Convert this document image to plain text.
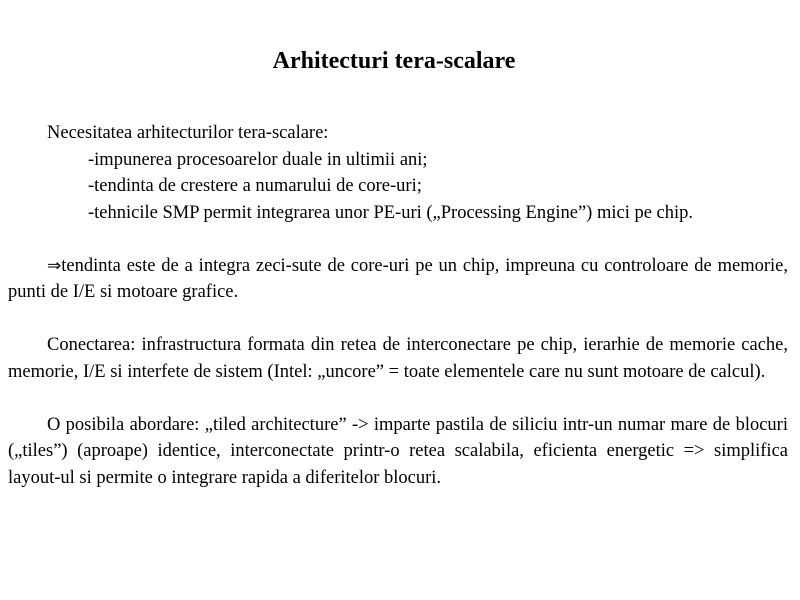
Arhitecturi tera-scalare

Necesitatea arhitecturilor tera-scalare:

-impunerea procesoarelor duale in ultimii ani;

-tendinta de crestere a numarului de core-uri;

-tehnicile SMP permit integrarea unor PE-uri („Processing Engine”) mici pe chip.

⇒tendinta este de a integra zeci-sute de core-uri pe un chip, impreuna cu controloare de memorie, punti de I/E si motoare grafice.

Conectarea: infrastructura formata din retea de interconectare pe chip, ierarhie de memorie cache, memorie, I/E si interfete de sistem (Intel: „uncore” = toate elementele care nu sunt motoare de calcul).

O posibila abordare: „tiled architecture” -> imparte pastila de siliciu intr-un numar mare de blocuri („tiles”) (aproape) identice, interconectate printr-o retea scalabila, eficienta energetic => simplifica layout-ul si permite o integrare rapida a diferitelor blocuri.
